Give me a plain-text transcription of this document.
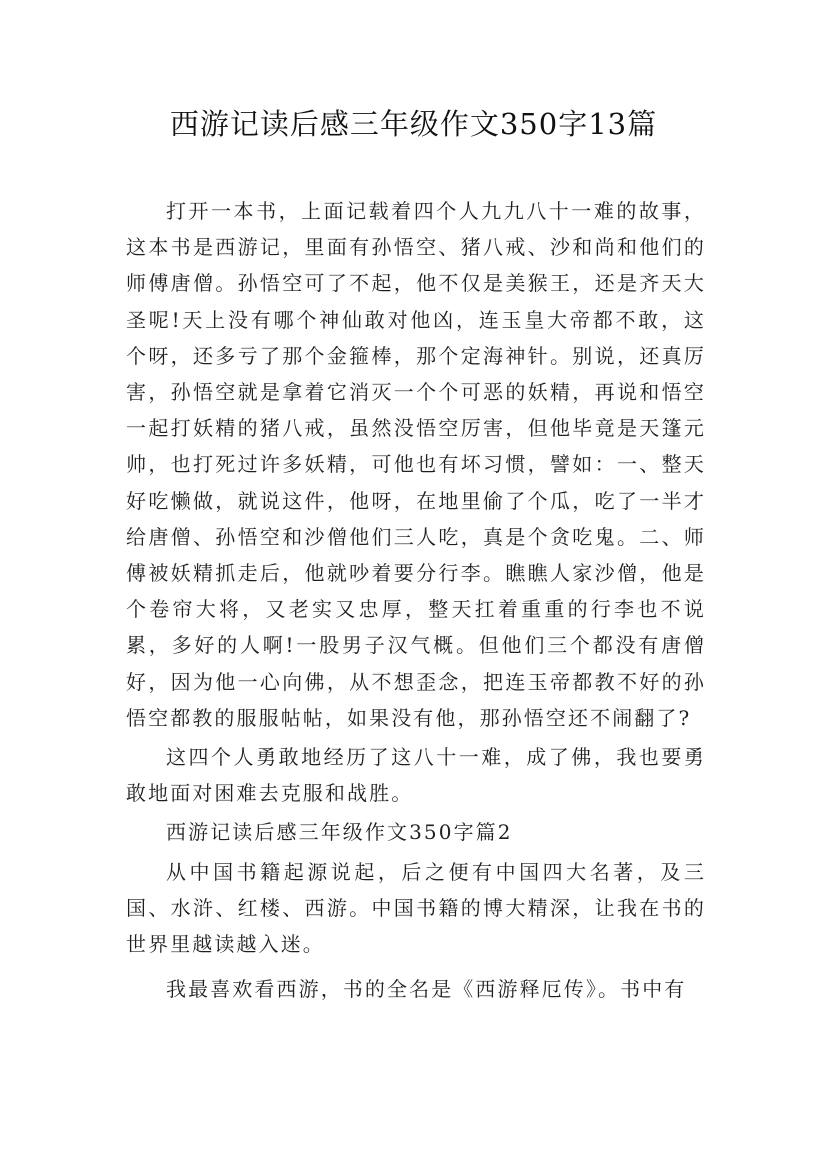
西游记读后感三年级作文350字13篇

打开一本书，上面记载着四个人九九八十一难的故事，这本书是西游记，里面有孙悟空、猪八戒、沙和尚和他们的师傅唐僧。孙悟空可了不起，他不仅是美猴王，还是齐天大圣呢!天上没有哪个神仙敢对他凶，连玉皇大帝都不敢，这个呀，还多亏了那个金箍棒，那个定海神针。别说，还真厉害，孙悟空就是拿着它消灭一个个可恶的妖精，再说和悟空一起打妖精的猪八戒，虽然没悟空厉害，但他毕竟是天篷元帅，也打死过许多妖精，可他也有坏习惯，譬如：一、整天好吃懒做，就说这件，他呀，在地里偷了个瓜，吃了一半才给唐僧、孙悟空和沙僧他们三人吃，真是个贪吃鬼。二、师傅被妖精抓走后，他就吵着要分行李。瞧瞧人家沙僧，他是个卷帘大将，又老实又忠厚，整天扛着重重的行李也不说累，多好的人啊!一股男子汉气概。但他们三个都没有唐僧好，因为他一心向佛，从不想歪念，把连玉帝都教不好的孙悟空都教的服服帖帖，如果没有他，那孙悟空还不闹翻了?

这四个人勇敢地经历了这八十一难，成了佛，我也要勇敢地面对困难去克服和战胜。

西游记读后感三年级作文350字篇2

从中国书籍起源说起，后之便有中国四大名著，及三国、水浒、红楼、西游。中国书籍的博大精深，让我在书的世界里越读越入迷。

我最喜欢看西游，书的全名是《西游释厄传》。书中有
